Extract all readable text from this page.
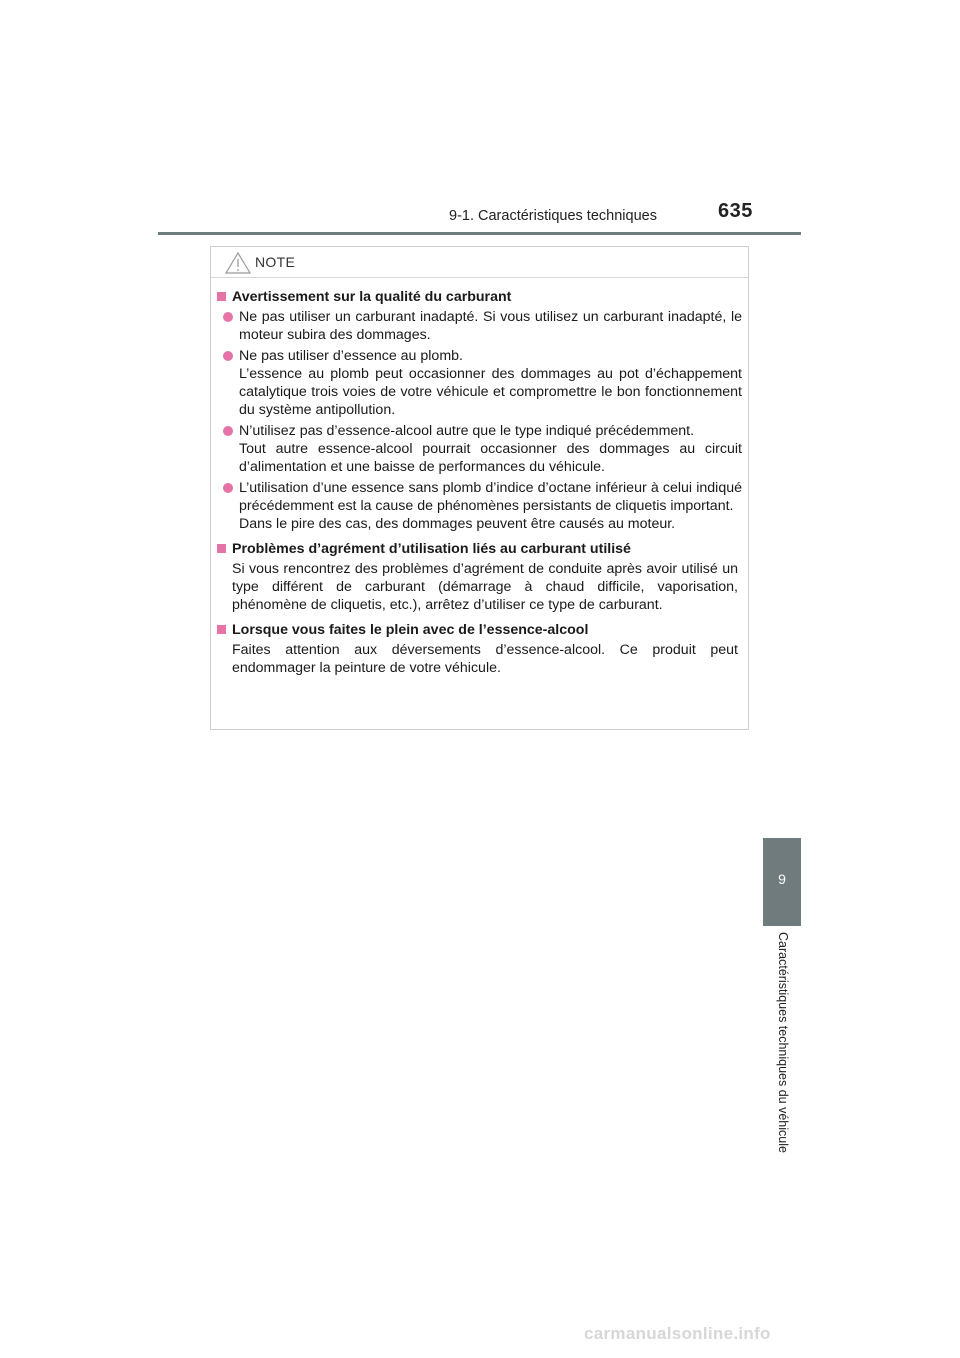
9-1. Caractéristiques techniques	635
NOTE
Avertissement sur la qualité du carburant

Ne pas utiliser un carburant inadapté. Si vous utilisez un carburant inadapté, le moteur subira des dommages.

Ne pas utiliser d’essence au plomb.

L’essence au plomb peut occasionner des dommages au pot d’échappement catalytique trois voies de votre véhicule et compromettre le bon fonctionnement du système antipollution.

N’utilisez pas d’essence-alcool autre que le type indiqué précédemment.

Tout autre essence-alcool pourrait occasionner des dommages au circuit d’alimentation et une baisse de performances du véhicule.

L’utilisation d’une essence sans plomb d’indice d’octane inférieur à celui indiqué précédemment est la cause de phénomènes persistants de cliquetis important.

Dans le pire des cas, des dommages peuvent être causés au moteur.

Problèmes d’agrément d’utilisation liés au carburant utilisé
Si vous rencontrez des problèmes d’agrément de conduite après avoir utilisé un type différent de carburant (démarrage à chaud difficile, vaporisation, phénomène de cliquetis, etc.), arrêtez d’utiliser ce type de carburant.
Lorsque vous faites le plein avec de l’essence-alcool
Faites attention aux déversements d’essence-alcool. Ce produit peut endommager la peinture de votre véhicule.
9
Caractéristiques techniques du véhicule
carmanualsonline.info
